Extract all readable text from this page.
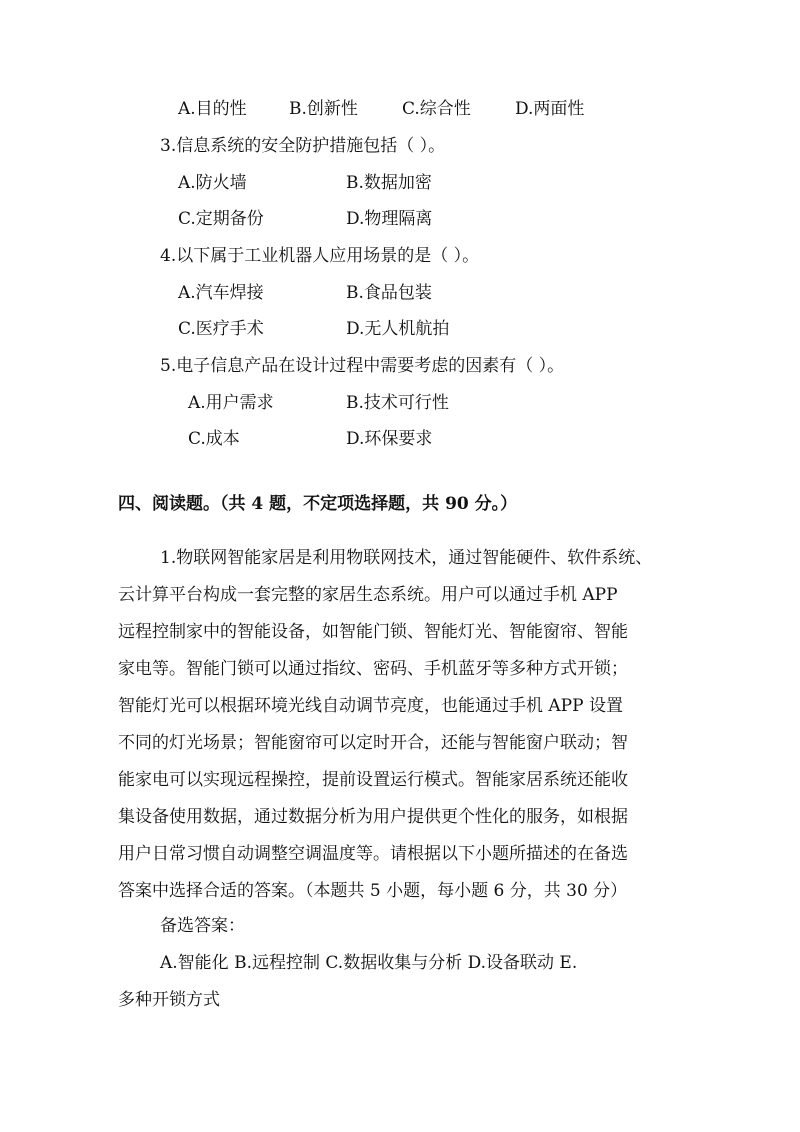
A.目的性 B.创新性	C.综合性	D.两面性
3.信息系统的安全防护措施包括（ ）。
A.防火墙	B.数据加密
C.定期备份	D.物理隔离
4.以下属于工业机器人应用场景的是（ ）。
A.汽车焊接	B.食品包装
C.医疗手术	D.无人机航拍
5.电子信息产品在设计过程中需要考虑的因素有（ ）。
A.用户需求	B.技术可行性
C.成本	D.环保要求
四、阅读题。（共 4 题，不定项选择题，共 90 分。）
1.物联网智能家居是利用物联网技术，通过智能硬件、软件系统、
云计算平台构成一套完整的家居生态系统。用户可以通过手机 APP
远程控制家中的智能设备，如智能门锁、智能灯光、智能窗帘、智能
家电等。智能门锁可以通过指纹、密码、手机蓝牙等多种方式开锁；
智能灯光可以根据环境光线自动调节亮度，也能通过手机 APP 设置
不同的灯光场景；智能窗帘可以定时开合，还能与智能窗户联动；智
能家电可以实现远程操控，提前设置运行模式。智能家居系统还能收
集设备使用数据，通过数据分析为用户提供更个性化的服务，如根据
用户日常习惯自动调整空调温度等。请根据以下小题所描述的在备选
答案中选择合适的答案。（本题共 5 小题，每小题 6 分，共 30 分）
备选答案：
A.智能化 B.远程控制 C.数据收集与分析 D.设备联动 E.
多种开锁方式
